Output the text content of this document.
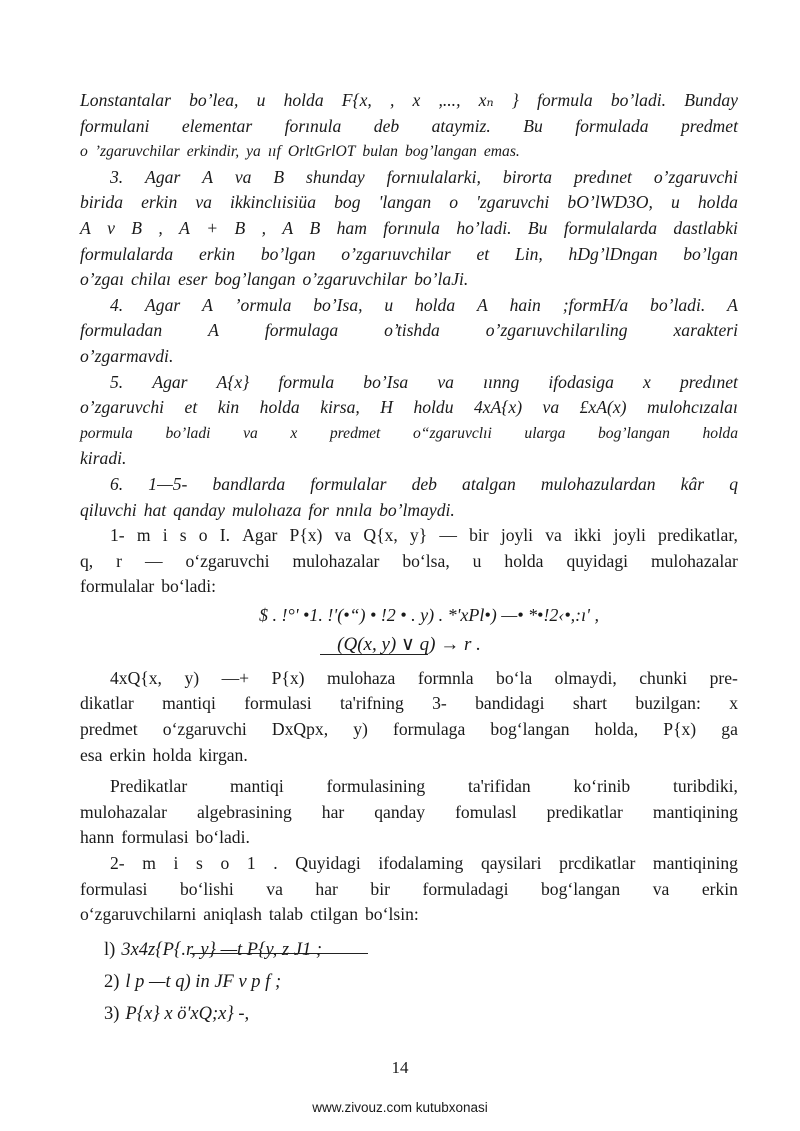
Lonstantalar bo’lea, u holda F{x, , x ,..., xₙ } formula bo’ladi. Bunday
formulani elementar forınula deb ataymiz. Bu formulada predmet
o ’zgaruvchilar erkindir, ya ııf OrltGrlOT bulan bog’langan emas.
3. Agar A va B shunday fornıulalarki, birorta predınet o’zgaruvchi
birida erkin va ikkinclıisiüa bog 'langan o 'zgaruvchi bO’lWD3O, u holda
A v B , A + B , A B ham forınula ho’ladi. Bu formulalarda dastlabki
formulalarda erkin bo’lgan o’zgarıuvchilar et Lin, hDg’lDngan bo’lgan
o’zgaı chilaı eser bog’langan o’zgaruvchilar bo’laJi.
4. Agar A ’ormula bo’Isa, u holda A hain ;formH/a bo’ladi. A
formuladan	A	formulaga	o’tishda	o’zgarıuvchilarıling	xarakteri
o’zgarmavdi.
5. Agar A{x} formula bo’Isa va ıınng ifodasiga x predınet
o’zgaruvchi et kin holda kirsa, H holdu 4xA{x) va £xA(x) mulohcızalaı
pormula bo’ladi va x predmet o“zgaruvclıi ularga bog’langan holda
kiradi.
6. 1—5- bandlarda formulalar deb atalgan mulohazulardan kâr q
qiluvchi hat qanday mulolıaza for nnıla bo’lmaydi.
1- m i s o I. Agar P{x) va Q{x, y} — bir joyli va ikki joyli predikatlar,
q, r — o‘zgaruvchi mulohazalar bo‘lsa, u holda quyidagi mulohazalar
formulalar bo‘ladi:
$ . !°' •1. !'(•“) • !2 • . y) . *'xPl•) —• *•!2‹•,:ı' ,
(Q(x, y) ∨ q) → r .
4xQ{x, y) —+ P{x) mulohaza formnla bo‘la olmaydi, chunki pre-
dikatlar mantiqi formulasi ta'rifning 3- bandidagi shart buzilgan: x
predmet o‘zgaruvchi DxQpx, y) formulaga bog‘langan holda, P{x) ga
esa erkin holda kirgan.
Predikatlar mantiqi formulasining ta'rifidan ko‘rinib turibdiki,
mulohazalar algebrasining har qanday fomulasl predikatlar mantiqining
hann formulasi bo‘ladi.
2- m i s o 1 . Quyidagi ifodalaming qaysilari prcdikatlar mantiqining
formulasi bo‘lishi va har bir formuladagi bog‘langan va erkin
o‘zgaruvchilarni aniqlash talab ctilgan bo‘lsin:
l) 3x4z{P{.r, y} —t P{y, z J1 ;
2) l p —t q) in JF v p f ;
3) P{x} x ö'xQ;x} -,
14
www.zivouz.com kutubxonasi
